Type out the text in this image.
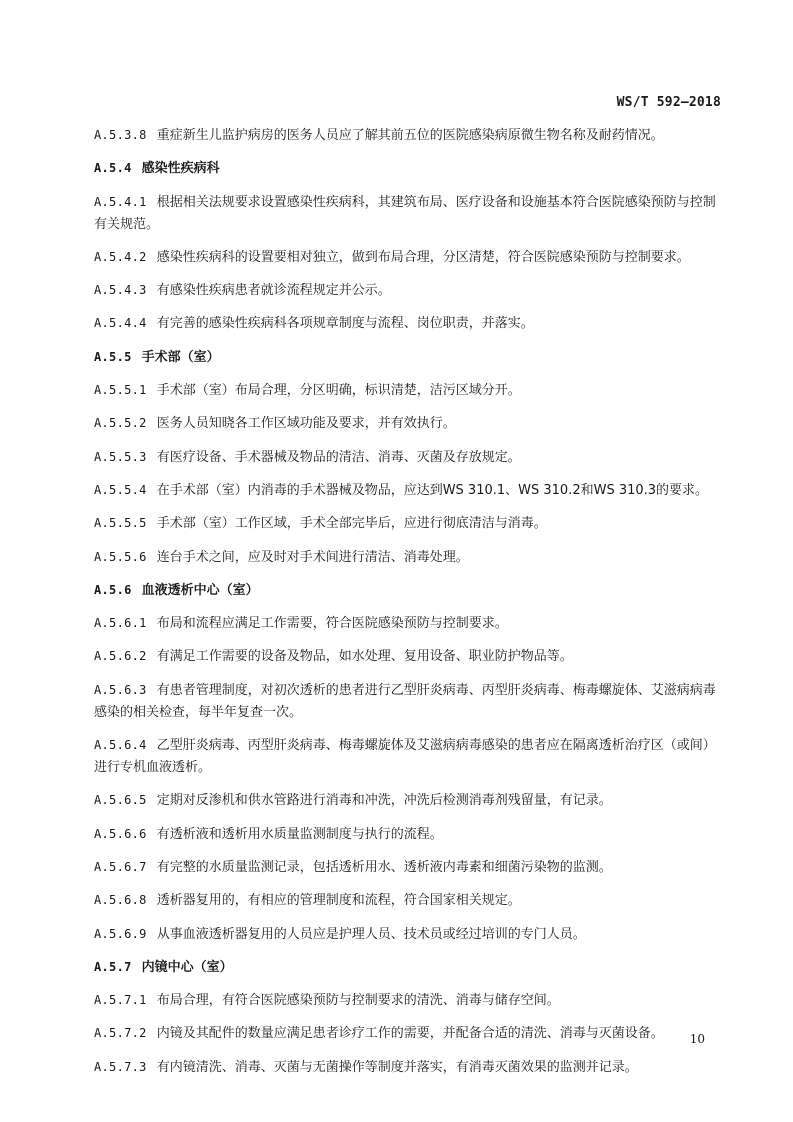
WS/T 592—2018
A.5.3.8 重症新生儿监护病房的医务人员应了解其前五位的医院感染病原微生物名称及耐药情况。
A.5.4 感染性疾病科
A.5.4.1 根据相关法规要求设置感染性疾病科，其建筑布局、医疗设备和设施基本符合医院感染预防与控制有关规范。
A.5.4.2 感染性疾病科的设置要相对独立，做到布局合理，分区清楚，符合医院感染预防与控制要求。
A.5.4.3 有感染性疾病患者就诊流程规定并公示。
A.5.4.4 有完善的感染性疾病科各项规章制度与流程、岗位职责，并落实。
A.5.5 手术部（室）
A.5.5.1 手术部（室）布局合理，分区明确，标识清楚，洁污区域分开。
A.5.5.2 医务人员知晓各工作区域功能及要求，并有效执行。
A.5.5.3 有医疗设备、手术器械及物品的清洁、消毒、灭菌及存放规定。
A.5.5.4 在手术部（室）内消毒的手术器械及物品，应达到WS 310.1、WS 310.2和WS 310.3的要求。
A.5.5.5 手术部（室）工作区域，手术全部完毕后，应进行彻底清洁与消毒。
A.5.5.6 连台手术之间，应及时对手术间进行清洁、消毒处理。
A.5.6 血液透析中心（室）
A.5.6.1 布局和流程应满足工作需要，符合医院感染预防与控制要求。
A.5.6.2 有满足工作需要的设备及物品，如水处理、复用设备、职业防护物品等。
A.5.6.3 有患者管理制度，对初次透析的患者进行乙型肝炎病毒、丙型肝炎病毒、梅毒螺旋体、艾滋病病毒感染的相关检查，每半年复查一次。
A.5.6.4 乙型肝炎病毒、丙型肝炎病毒、梅毒螺旋体及艾滋病病毒感染的患者应在隔离透析治疗区（或间）进行专机血液透析。
A.5.6.5 定期对反渗机和供水管路进行消毒和冲洗，冲洗后检测消毒剂残留量，有记录。
A.5.6.6 有透析液和透析用水质量监测制度与执行的流程。
A.5.6.7 有完整的水质量监测记录，包括透析用水、透析液内毒素和细菌污染物的监测。
A.5.6.8 透析器复用的，有相应的管理制度和流程，符合国家相关规定。
A.5.6.9 从事血液透析器复用的人员应是护理人员、技术员或经过培训的专门人员。
A.5.7 内镜中心（室）
A.5.7.1 布局合理，有符合医院感染预防与控制要求的清洗、消毒与储存空间。
A.5.7.2 内镜及其配件的数量应满足患者诊疗工作的需要，并配备合适的清洗、消毒与灭菌设备。
A.5.7.3 有内镜清洗、消毒、灭菌与无菌操作等制度并落实，有消毒灭菌效果的监测并记录。
10
